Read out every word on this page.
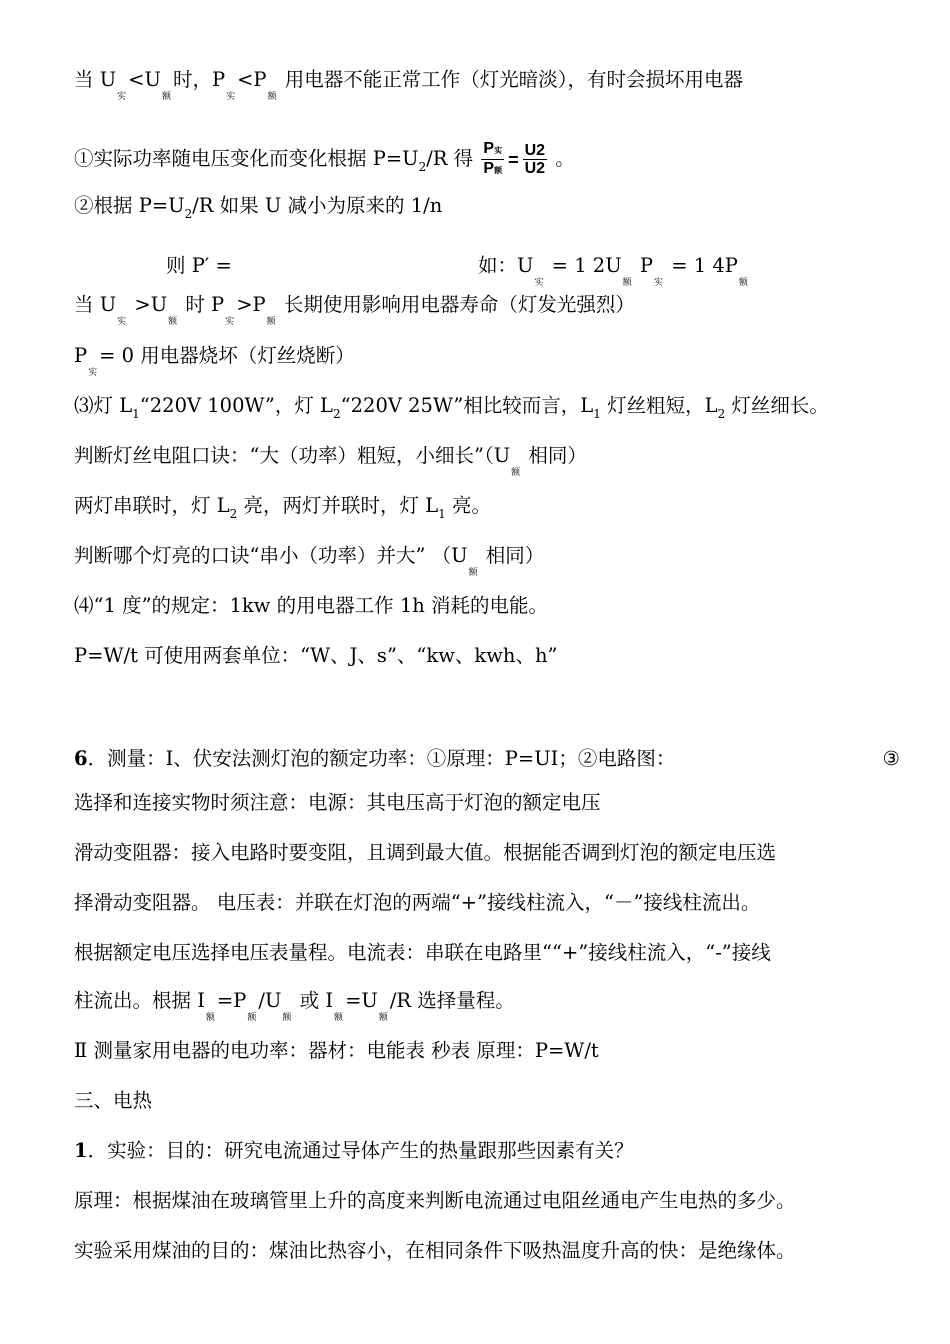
当 $U_实<U_额$时，$P_实<P_额$ 用电器不能正常工作（灯光暗淡），有时会损坏用电器
①实际功率随电压变化而变化根据 $P=U_2/R$ 得 $\frac{\text{P实}}{\text{P额}} = \frac{U2}{U2}$ 。
②根据 $P=U_2/R$ 如果 U 减小为原来的 1/n
则 P′ =	如：$U_实 = 1$ $2U_额$ $P_实 = 1$ $4P_额$
当 $U_实 >U_额$ 时 $P_实>P_额$ 长期使用影响用电器寿命（灯发光强烈）
$P_实= 0$ 用电器烧坏（灯丝烧断）
⑶灯 $L_1“220V$ 100W”，灯 $L_2“220V$ 25W”相比较而言，$L_1$ 灯丝粗短，$L_2$ 灯丝细长。
判断灯丝电阻口诀：“大（功率）粗短，小细长$”(U_额$ 相同）
两灯串联时，灯 $L_2$ 亮，两灯并联时，灯 $L_1$ 亮。
判断哪个灯亮的口诀“串小（功率）并大” （$U_额$ 相同）
⑷“1 度”的规定：1kw 的用电器工作 1h 消耗的电能。
P=W/t 可使用两套单位：“W、J、s”、“kw、kwh、h”
6．测量：Ⅰ、伏安法测灯泡的额定功率：①原理：P=UI；②电路图：	③
选择和连接实物时须注意：电源：其电压高于灯泡的额定电压
滑动变阻器：接入电路时要变阻，且调到最大值。根据能否调到灯泡的额定电压选
择滑动变阻器。 电压表：并联在灯泡的两端“+”接线柱流入，“－”接线柱流出。
根据额定电压选择电压表量程。电流表：串联在电路里““+”接线柱流入，“-”接线
柱流出。根据 $I_额=P_额/U_额$ 或 $I_额=U_额/R$ 选择量程。
Ⅱ 测量家用电器的电功率：器材：电能表 秒表 原理：P=W/t
三、电热
1．实验：目的：研究电流通过导体产生的热量跟那些因素有关？
原理：根据煤油在玻璃管里上升的高度来判断电流通过电阻丝通电产生电热的多少。
实验采用煤油的目的：煤油比热容小，在相同条件下吸热温度升高的快：是绝缘体。
